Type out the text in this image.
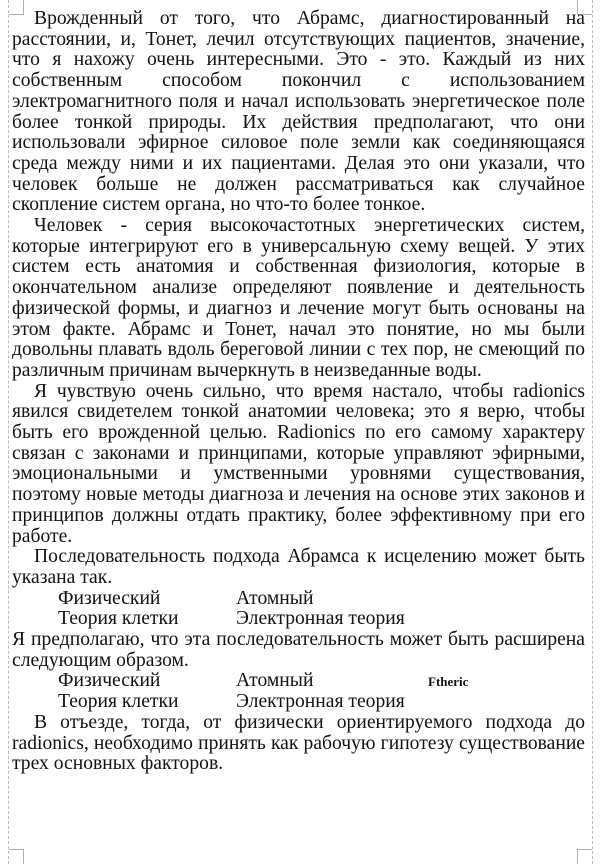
Врожденный от того, что Абрамс, диагностированный на расстоянии, и, Тонет, лечил отсутствующих пациентов, значение, что я нахожу очень интересными. Это - это. Каждый из них собственным способом покончил с использованием электромагнитного поля и начал использовать энергетическое поле более тонкой природы. Их действия предполагают, что они использовали эфирное силовое поле земли как соединяющаяся среда между ними и их пациентами. Делая это они указали, что человек больше не должен рассматриваться как случайное скопление систем органа, но что-то более тонкое.

Человек - серия высокочастотных энергетических систем, которые интегрируют его в универсальную схему вещей. У этих систем есть анатомия и собственная физиология, которые в окончательном анализе определяют появление и деятельность физической формы, и диагноз и лечение могут быть основаны на этом факте. Абрамс и Тонет, начал это понятие, но мы были довольны плавать вдоль береговой линии с тех пор, не смеющий по различным причинам вычеркнуть в неизведанные воды.

Я чувствую очень сильно, что время настало, чтобы radionics явился свидетелем тонкой анатомии человека; это я верю, чтобы быть его врожденной целью. Radionics по его самому характеру связан с законами и принципами, которые управляют эфирными, эмоциональными и умственными уровнями существования, поэтому новые методы диагноза и лечения на основе этих законов и принципов должны отдать практику, более эффективному при его работе.

Последовательность подхода Абрамса к исцелению может быть указана так.

Физический	Атомный
Теория клетки	Электронная теория

Я предполагаю, что эта последовательность может быть расширена следующим образом.

Физический	Атомный	Ftheric
Теория клетки	Электронная теория

В отъезде, тогда, от физически ориентируемого подхода до radionics, необходимо принять как рабочую гипотезу существование трех основных факторов.
